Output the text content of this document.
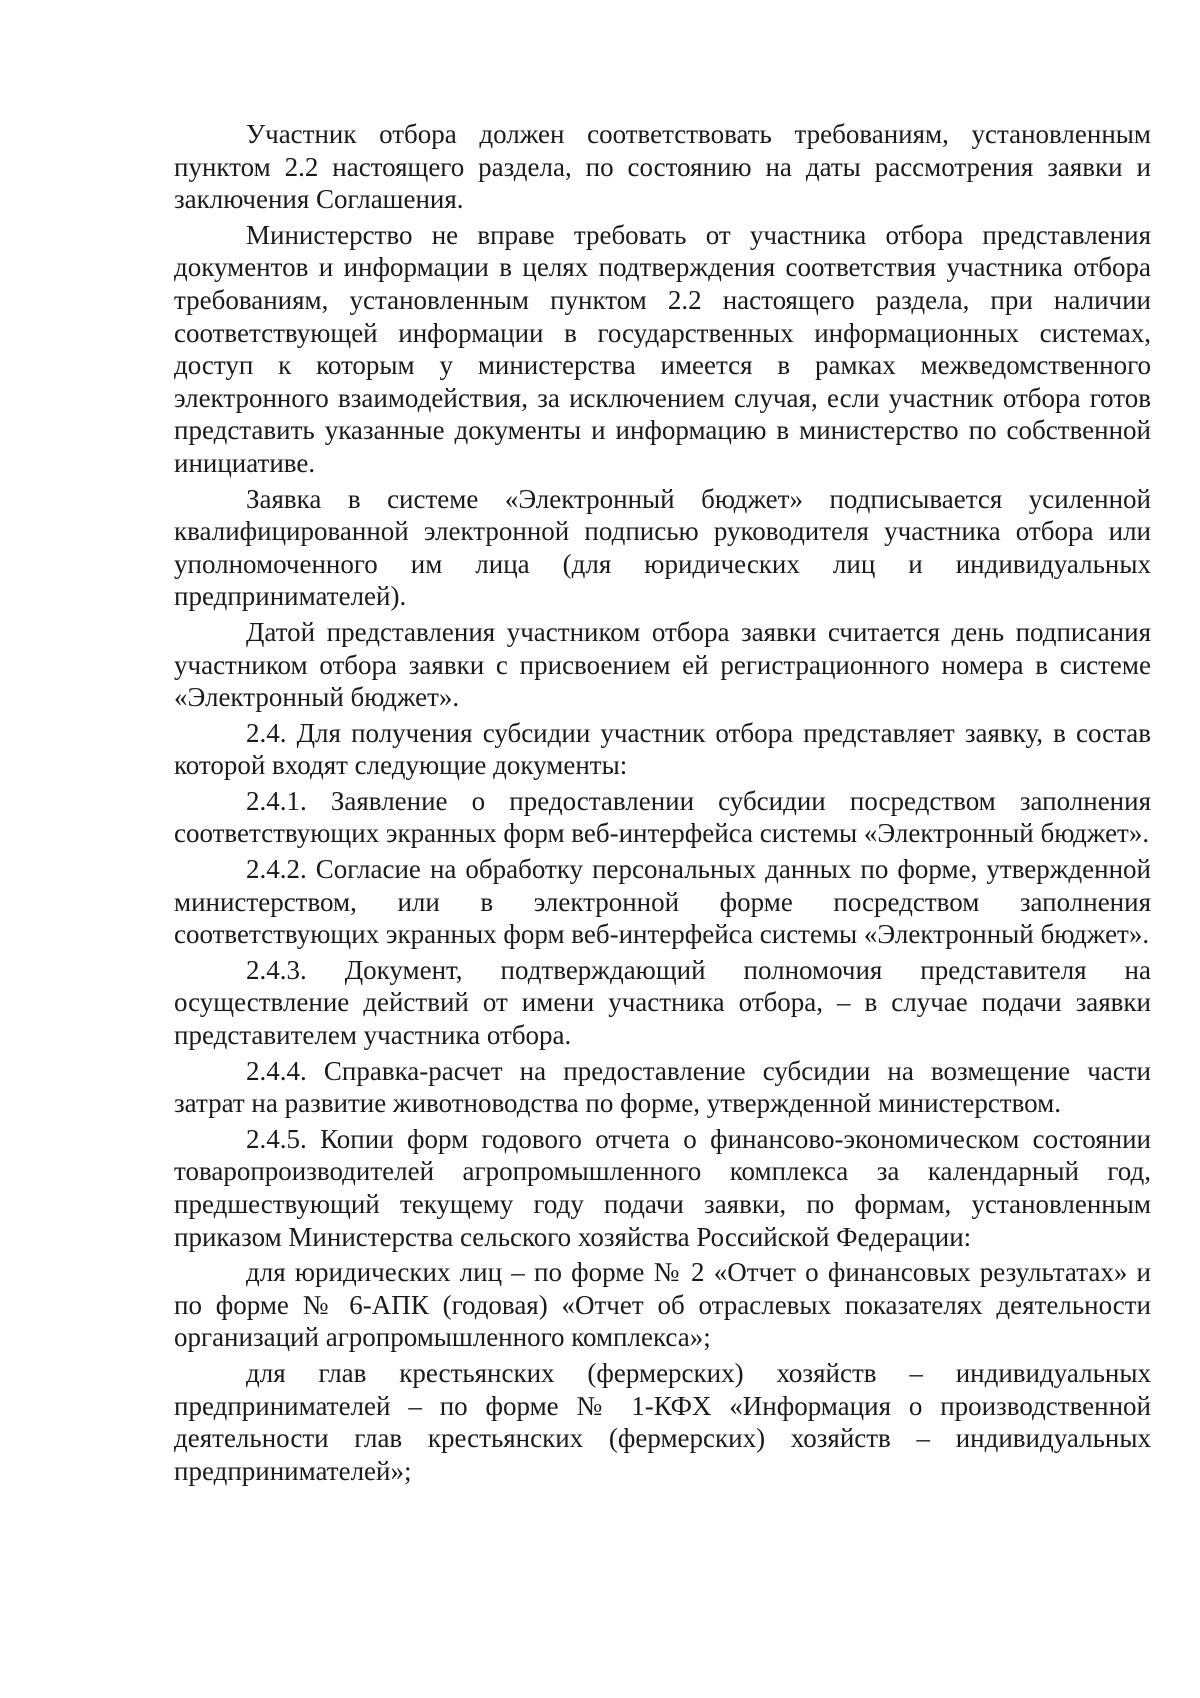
Участник отбора должен соответствовать требованиям, установленным пунктом 2.2 настоящего раздела, по состоянию на даты рассмотрения заявки и заключения Соглашения.

Министерство не вправе требовать от участника отбора представления документов и информации в целях подтверждения соответствия участника отбора требованиям, установленным пунктом 2.2 настоящего раздела, при наличии соответствующей информации в государственных информационных системах, доступ к которым у министерства имеется в рамках межведомственного электронного взаимодействия, за исключением случая, если участник отбора готов представить указанные документы и информацию в министерство по собственной инициативе.

Заявка в системе «Электронный бюджет» подписывается усиленной квалифицированной электронной подписью руководителя участника отбора или уполномоченного им лица (для юридических лиц и индивидуальных предпринимателей).

Датой представления участником отбора заявки считается день подписания участником отбора заявки с присвоением ей регистрационного номера в системе «Электронный бюджет».

2.4. Для получения субсидии участник отбора представляет заявку, в состав которой входят следующие документы:

2.4.1. Заявление о предоставлении субсидии посредством заполнения соответствующих экранных форм веб-интерфейса системы «Электронный бюджет».

2.4.2. Согласие на обработку персональных данных по форме, утвержденной министерством, или в электронной форме посредством заполнения соответствующих экранных форм веб-интерфейса системы «Электронный бюджет».

2.4.3. Документ, подтверждающий полномочия представителя на осуществление действий от имени участника отбора, – в случае подачи заявки представителем участника отбора.

2.4.4. Справка-расчет на предоставление субсидии на возмещение части затрат на развитие животноводства по форме, утвержденной министерством.

2.4.5. Копии форм годового отчета о финансово-экономическом состоянии товаропроизводителей агропромышленного комплекса за календарный год, предшествующий текущему году подачи заявки, по формам, установленным приказом Министерства сельского хозяйства Российской Федерации:

для юридических лиц – по форме № 2 «Отчет о финансовых результатах» и по форме № 6-АПК (годовая) «Отчет об отраслевых показателях деятельности организаций агропромышленного комплекса»;

для глав крестьянских (фермерских) хозяйств – индивидуальных предпринимателей – по форме № 1-КФХ «Информация о производственной деятельности глав крестьянских (фермерских) хозяйств – индивидуальных предпринимателей»;
